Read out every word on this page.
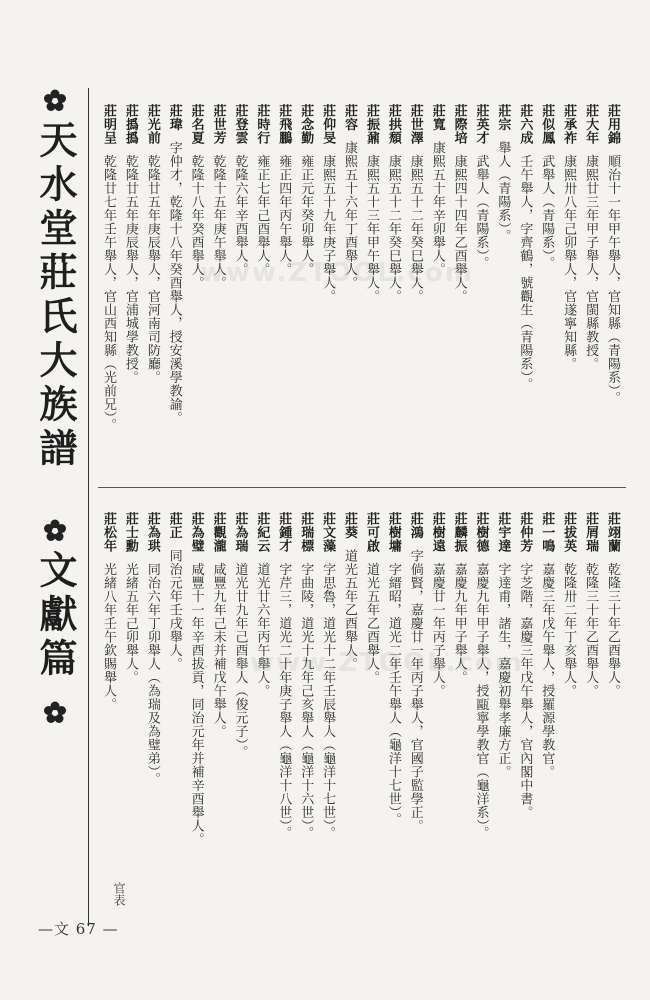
www.ZTOOL.com
www.ZTOOL.com
天水堂莊氏大族譜
文獻篇
莊用錦順治十一年甲午舉人，官知縣（青陽系）。
莊大年康熙廿三年甲子舉人，官閩縣教授。
莊承祚康熙卅八年己卯舉人，官遂寧知縣。
莊似鳳武舉人（青陽系）。
莊六成壬午舉人，字齊鶴，號觀生（青陽系）。
莊宗舉人（青陽系）。
莊英才武舉人（青陽系）。
莊際培康熙四十四年乙酉舉人。
莊寬康熙五十年辛卯舉人。
莊世澤康熙五十二年癸巳舉人。
莊拱頹康熙五十二年癸巳舉人。
莊振鼐康熙五十三年甲午舉人。
莊容康熙五十六年丁酉舉人。
莊仰旻康熙五十九年庚子舉人。
莊念勤雍正元年癸卯舉人。
莊飛鵬雍正四年丙午舉人。
莊時行雍正七年己酉舉人。
莊登雲乾隆六年辛酉舉人。
莊世芳乾隆十五年庚午舉人。
莊名夏乾隆十八年癸酉舉人。
莊瑋字仲才，乾隆十八年癸酉舉人，授安溪學教諭。
莊光前乾隆廿五年庚辰舉人，官河南司防廳。
莊撝撝乾隆廿五年庚辰舉人，官浦城學教授。
莊明呈乾隆廿七年壬午舉人，官山西知縣（光前兄）。
莊翊蘭乾隆三十年乙酉舉人。
莊屑瑞乾隆三十年乙酉舉人。
莊拔英乾隆卅二年丁亥舉人。
莊一鳴嘉慶三年戊午舉人，授羅源學教官。
莊仲芳字芝階，嘉慶三年戊午舉人，官內閣中書。
莊宇達字達甫，諸生，嘉慶初舉孝廉方正。
莊樹德嘉慶九年甲子舉人，授甌寧學教官（龜洋系）。
莊麟振嘉慶九年甲子舉人。
莊樹遠嘉慶廿一年丙子舉人。
莊鴻字倘賢，嘉慶廿一年丙子舉人，官國子監學正。
莊樹墉字縉昭，道光二年壬午舉人（龜洋十七世）。
莊可啟道光五年乙酉舉人。
莊葵道光五年乙酉舉人。
莊文藻字思魯，道光十二年壬辰舉人（龜洋十七世）。
莊瑞標字曲陵，道光十九年己亥舉人（龜洋十六世）。
莊鍾才字芹三，道光二十年庚子舉人（龜洋十八世）。
莊紀云道光廿六年丙午舉人。
莊為瑞道光廿九年己酉舉人（俊元子）。
莊觀瀧咸豐九年己未并補戊午舉人。
莊為璧咸豐十一年辛酉拔貢，同治元年并補辛酉舉人。
莊正同治元年壬戌舉人。
莊為珙同治六年丁卯舉人（為瑞及為璧弟）。
莊士勳光緒五年己卯舉人。
莊松年光緒八年壬午欽賜舉人。
官表
—文 67 —
